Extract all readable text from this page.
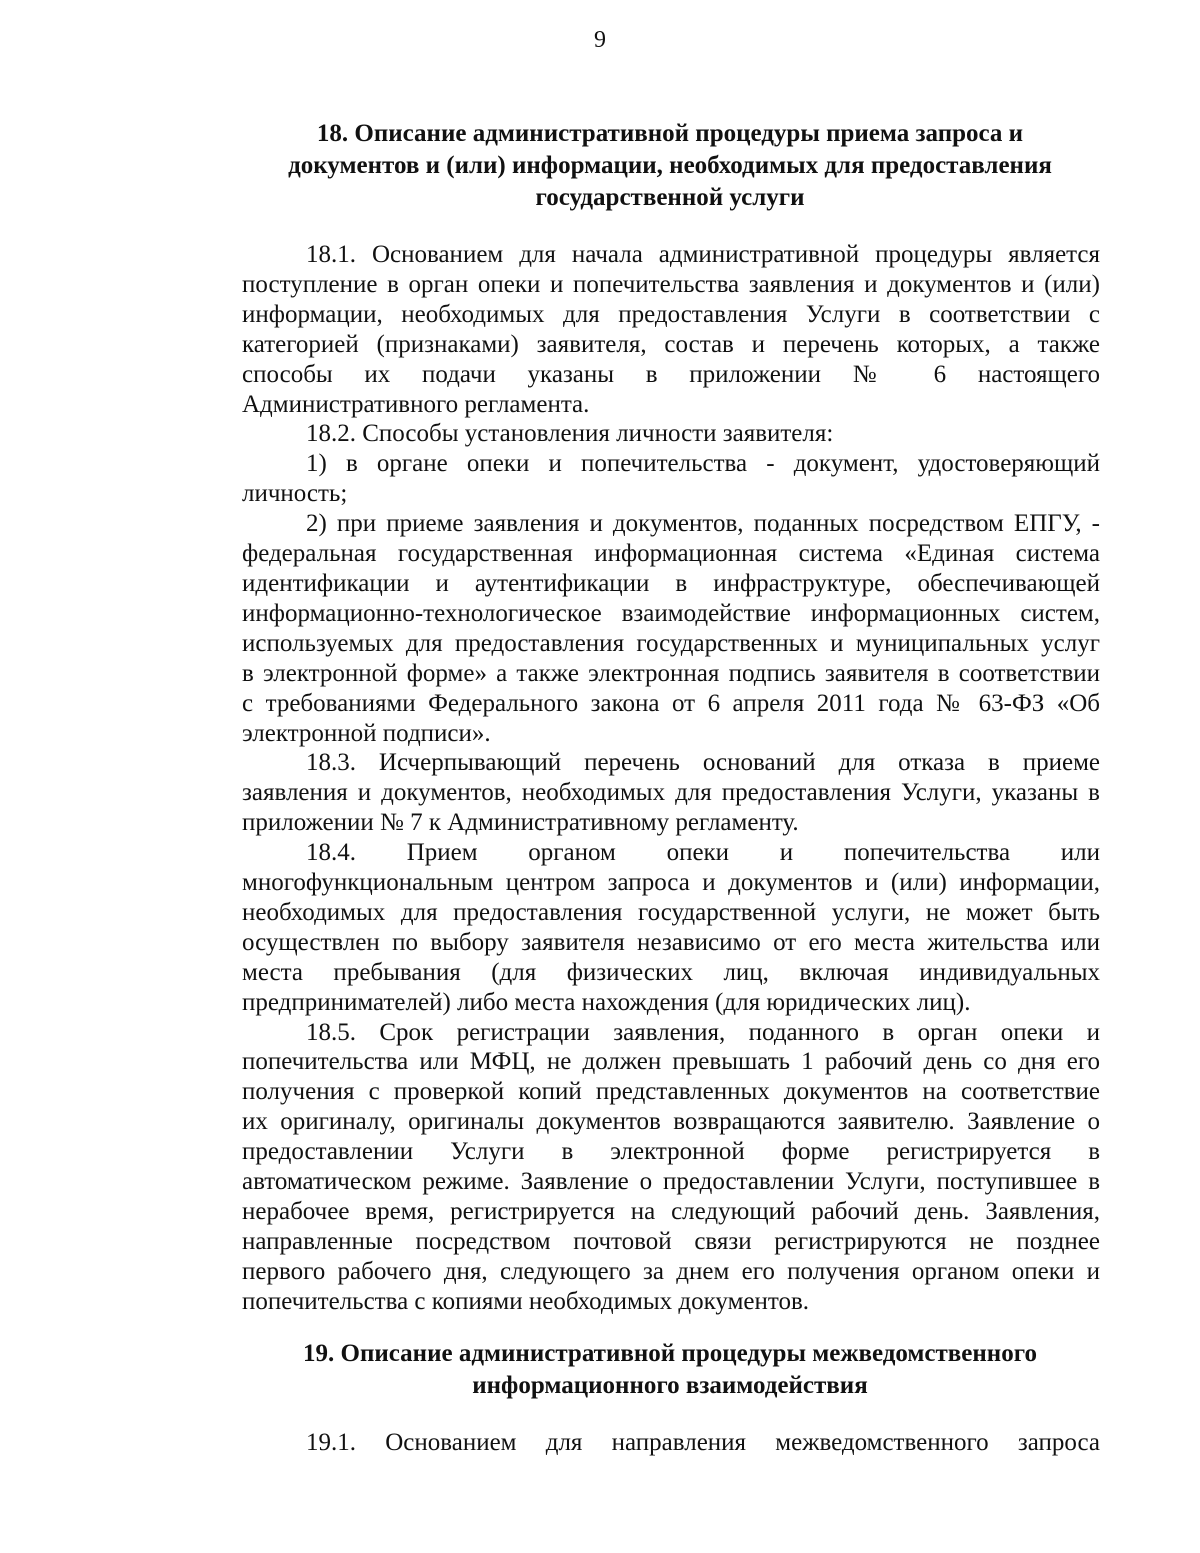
9
18. Описание административной процедуры приема запроса и
документов и (или) информации, необходимых для предоставления
государственной услуги

18.1. Основанием для начала административной процедуры является
поступление в орган опеки и попечительства заявления и документов и (или)
информации, необходимых для предоставления Услуги в соответствии с
категорией (признаками) заявителя, состав и перечень которых, а также
способы их подачи указаны в приложении № 6 настоящего
Административного регламента.

18.2. Способы установления личности заявителя:

1) в органе опеки и попечительства - документ, удостоверяющий
личность;

2) при приеме заявления и документов, поданных посредством ЕПГУ, -
федеральная государственная информационная система «Единая система
идентификации и аутентификации в инфраструктуре, обеспечивающей
информационно-технологическое взаимодействие информационных систем,
используемых для предоставления государственных и муниципальных услуг
в электронной форме» а также электронная подпись заявителя в соответствии
с требованиями Федерального закона от 6 апреля 2011 года № 63-ФЗ «Об
электронной подписи».

18.3. Исчерпывающий перечень оснований для отказа в приеме
заявления и документов, необходимых для предоставления Услуги, указаны в
приложении № 7 к Административному регламенту.

18.4. Прием органом опеки и попечительства или
многофункциональным центром запроса и документов и (или) информации,
необходимых для предоставления государственной услуги, не может быть
осуществлен по выбору заявителя независимо от его места жительства или
места пребывания (для физических лиц, включая индивидуальных
предпринимателей) либо места нахождения (для юридических лиц).

18.5. Срок регистрации заявления, поданного в орган опеки и
попечительства или МФЦ, не должен превышать 1 рабочий день со дня его
получения с проверкой копий представленных документов на соответствие
их оригиналу, оригиналы документов возвращаются заявителю. Заявление о
предоставлении Услуги в электронной форме регистрируется в
автоматическом режиме. Заявление о предоставлении Услуги, поступившее в
нерабочее время, регистрируется на следующий рабочий день. Заявления,
направленные посредством почтовой связи регистрируются не позднее
первого рабочего дня, следующего за днем его получения органом опеки и
попечительства с копиями необходимых документов.

19. Описание административной процедуры межведомственного
информационного взаимодействия

19.1. Основанием для направления межведомственного запроса
